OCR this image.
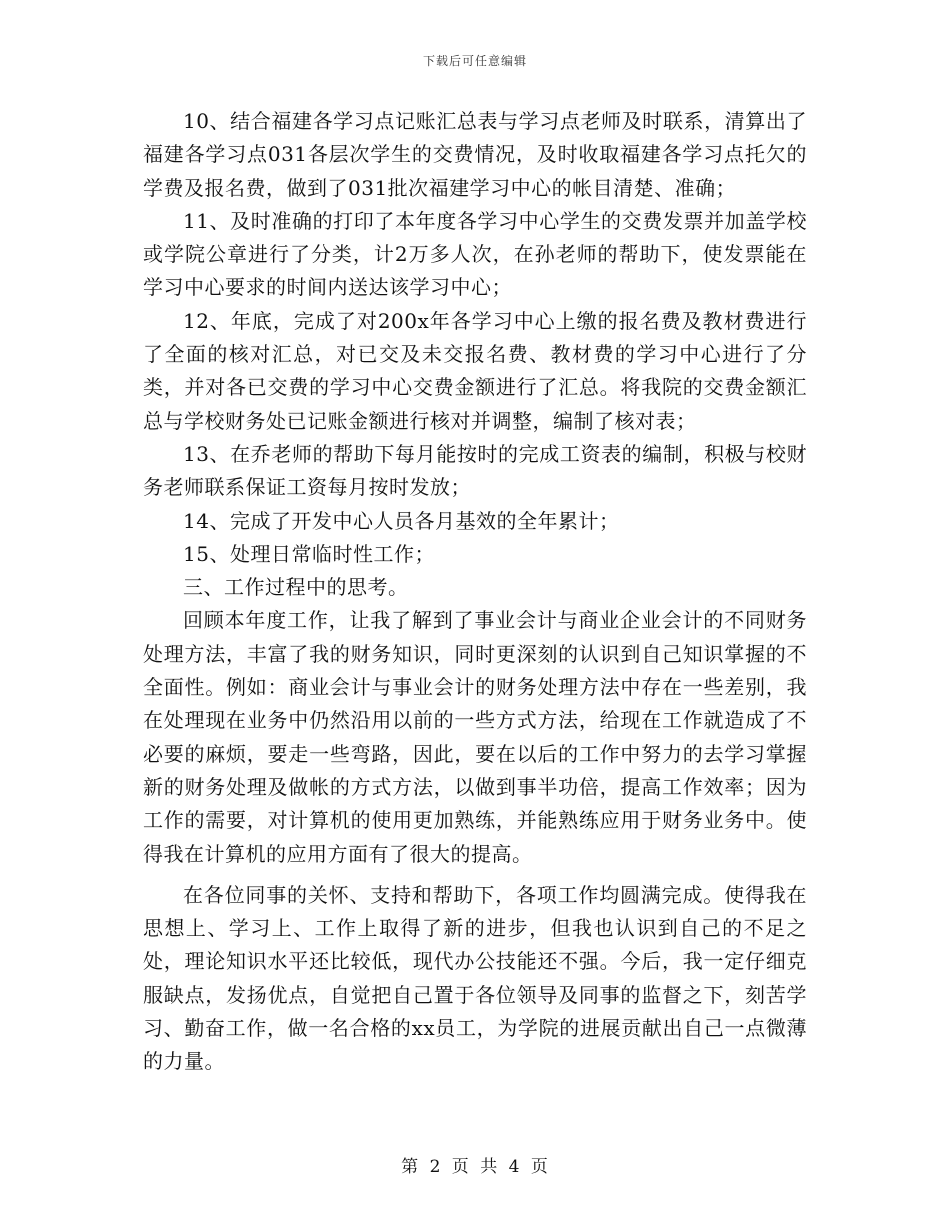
下载后可任意编辑

10、结合福建各学习点记账汇总表与学习点老师及时联系，清算出了福建各学习点031各层次学生的交费情况，及时收取福建各学习点托欠的学费及报名费，做到了031批次福建学习中心的帐目清楚、准确；

11、及时准确的打印了本年度各学习中心学生的交费发票并加盖学校或学院公章进行了分类，计2万多人次，在孙老师的帮助下，使发票能在学习中心要求的时间内送达该学习中心；

12、年底，完成了对200x年各学习中心上缴的报名费及教材费进行了全面的核对汇总，对已交及未交报名费、教材费的学习中心进行了分类，并对各已交费的学习中心交费金额进行了汇总。将我院的交费金额汇总与学校财务处已记账金额进行核对并调整，编制了核对表；

13、在乔老师的帮助下每月能按时的完成工资表的编制，积极与校财务老师联系保证工资每月按时发放；

14、完成了开发中心人员各月基效的全年累计；

15、处理日常临时性工作；

三、工作过程中的思考。

回顾本年度工作，让我了解到了事业会计与商业企业会计的不同财务处理方法，丰富了我的财务知识，同时更深刻的认识到自己知识掌握的不全面性。例如：商业会计与事业会计的财务处理方法中存在一些差别，我在处理现在业务中仍然沿用以前的一些方式方法，给现在工作就造成了不必要的麻烦，要走一些弯路，因此，要在以后的工作中努力的去学习掌握新的财务处理及做帐的方式方法，以做到事半功倍，提高工作效率；因为工作的需要，对计算机的使用更加熟练，并能熟练应用于财务业务中。使得我在计算机的应用方面有了很大的提高。

在各位同事的关怀、支持和帮助下，各项工作均圆满完成。使得我在思想上、学习上、工作上取得了新的进步，但我也认识到自己的不足之处，理论知识水平还比较低，现代办公技能还不强。今后，我一定仔细克服缺点，发扬优点，自觉把自己置于各位领导及同事的监督之下，刻苦学习、勤奋工作，做一名合格的xx员工，为学院的进展贡献出自己一点微薄的力量。

第 2 页 共 4 页
